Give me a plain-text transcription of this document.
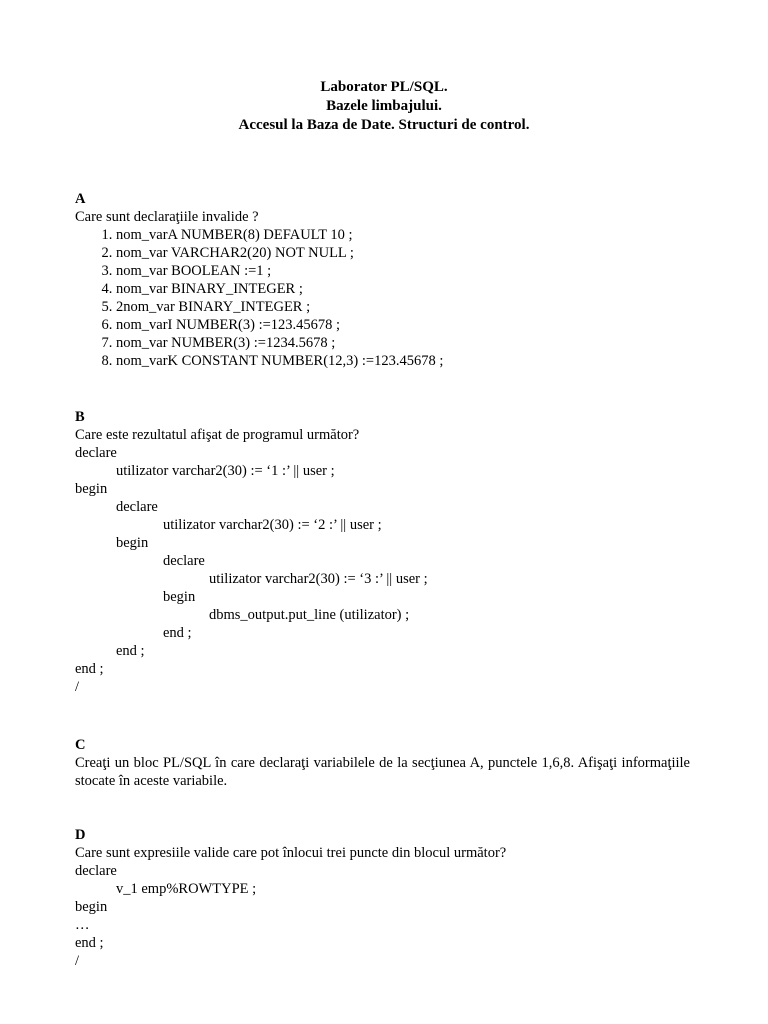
Laborator PL/SQL.
Bazele limbajului.
Accesul la Baza de Date. Structuri de control.
A
Care sunt declaraţiile invalide ?
1. nom_varA NUMBER(8) DEFAULT 10 ;
2. nom_var VARCHAR2(20) NOT NULL ;
3. nom_var BOOLEAN :=1 ;
4. nom_var BINARY_INTEGER ;
5. 2nom_var BINARY_INTEGER ;
6. nom_varI NUMBER(3) :=123.45678 ;
7. nom_var NUMBER(3) :=1234.5678 ;
8. nom_varK CONSTANT NUMBER(12,3) :=123.45678 ;
B
Care este rezultatul afişat de programul următor?
declare
utilizator varchar2(30) := ‘1 :’ || user ;
begin
declare
utilizator varchar2(30) := ‘2 :’ || user ;
begin
declare
utilizator varchar2(30) := ‘3 :’ || user ;
begin
dbms_output.put_line (utilizator) ;
end ;
end ;
end ;
/
C
Creaţi un bloc PL/SQL în care declaraţi variabilele de la secţiunea A, punctele 1,6,8. Afişaţi informaţiile stocate în aceste variabile.
D
Care sunt expresiile valide care pot înlocui trei puncte din blocul următor?
declare
v_1 emp%ROWTYPE ;
begin
…
end ;
/
